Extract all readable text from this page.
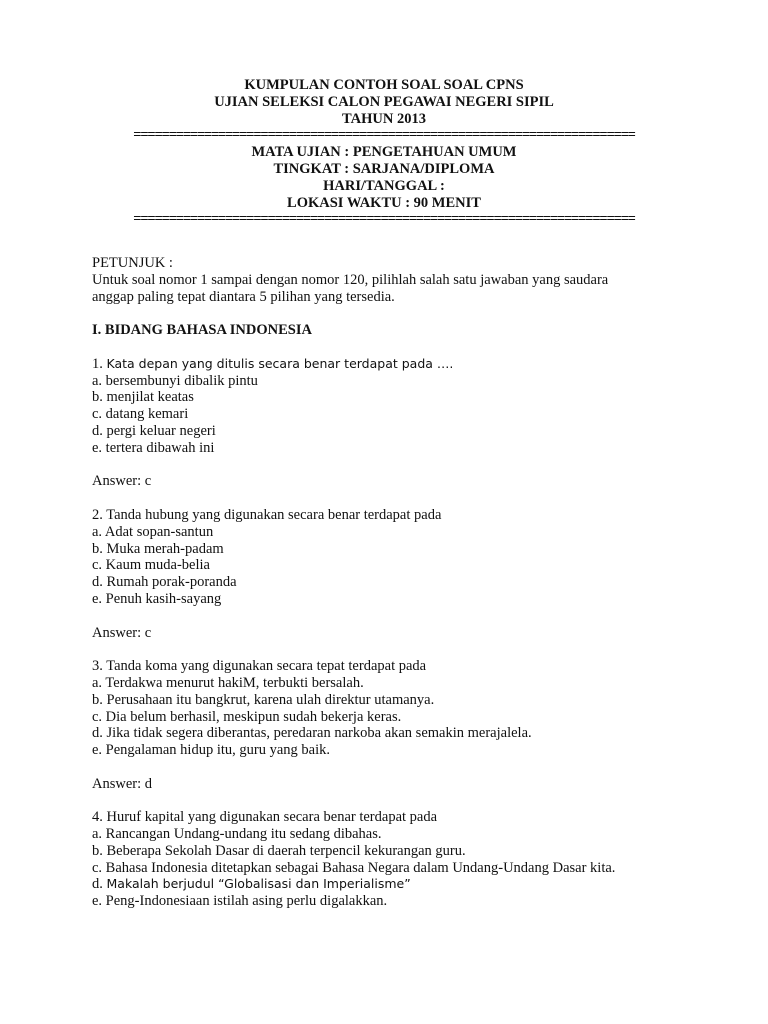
KUMPULAN CONTOH SOAL SOAL CPNS
UJIAN SELEKSI CALON PEGAWAI NEGERI SIPIL
TAHUN 2013
=======================================================================
MATA UJIAN : PENGETAHUAN UMUM
TINGKAT : SARJANA/DIPLOMA
HARI/TANGGAL :
LOKASI WAKTU : 90 MENIT
=======================================================================
PETUNJUK :
Untuk soal nomor 1 sampai dengan nomor 120, pilihlah salah satu jawaban yang saudara
anggap paling tepat diantara 5 pilihan yang tersedia.
I. BIDANG BAHASA INDONESIA
1. Kata depan yang ditulis secara benar terdapat pada ….
a. bersembunyi dibalik pintu
b. menjilat keatas
c. datang kemari
d. pergi keluar negeri
e. tertera dibawah ini
Answer: c
2. Tanda hubung yang digunakan secara benar terdapat pada
a. Adat sopan-santun
b. Muka merah-padam
c. Kaum muda-belia
d. Rumah porak-poranda
e. Penuh kasih-sayang
Answer: c
3. Tanda koma yang digunakan secara tepat terdapat pada
a. Terdakwa menurut hakiM, terbukti bersalah.
b. Perusahaan itu bangkrut, karena ulah direktur utamanya.
c. Dia belum berhasil, meskipun sudah bekerja keras.
d. Jika tidak segera diberantas, peredaran narkoba akan semakin merajalela.
e. Pengalaman hidup itu, guru yang baik.
Answer: d
4. Huruf kapital yang digunakan secara benar terdapat pada
a. Rancangan Undang-undang itu sedang dibahas.
b. Beberapa Sekolah Dasar di daerah terpencil kekurangan guru.
c. Bahasa Indonesia ditetapkan sebagai Bahasa Negara dalam Undang-Undang Dasar kita.
d. Makalah berjudul “Globalisasi dan Imperialisme”
e. Peng-Indonesiaan istilah asing perlu digalakkan.
